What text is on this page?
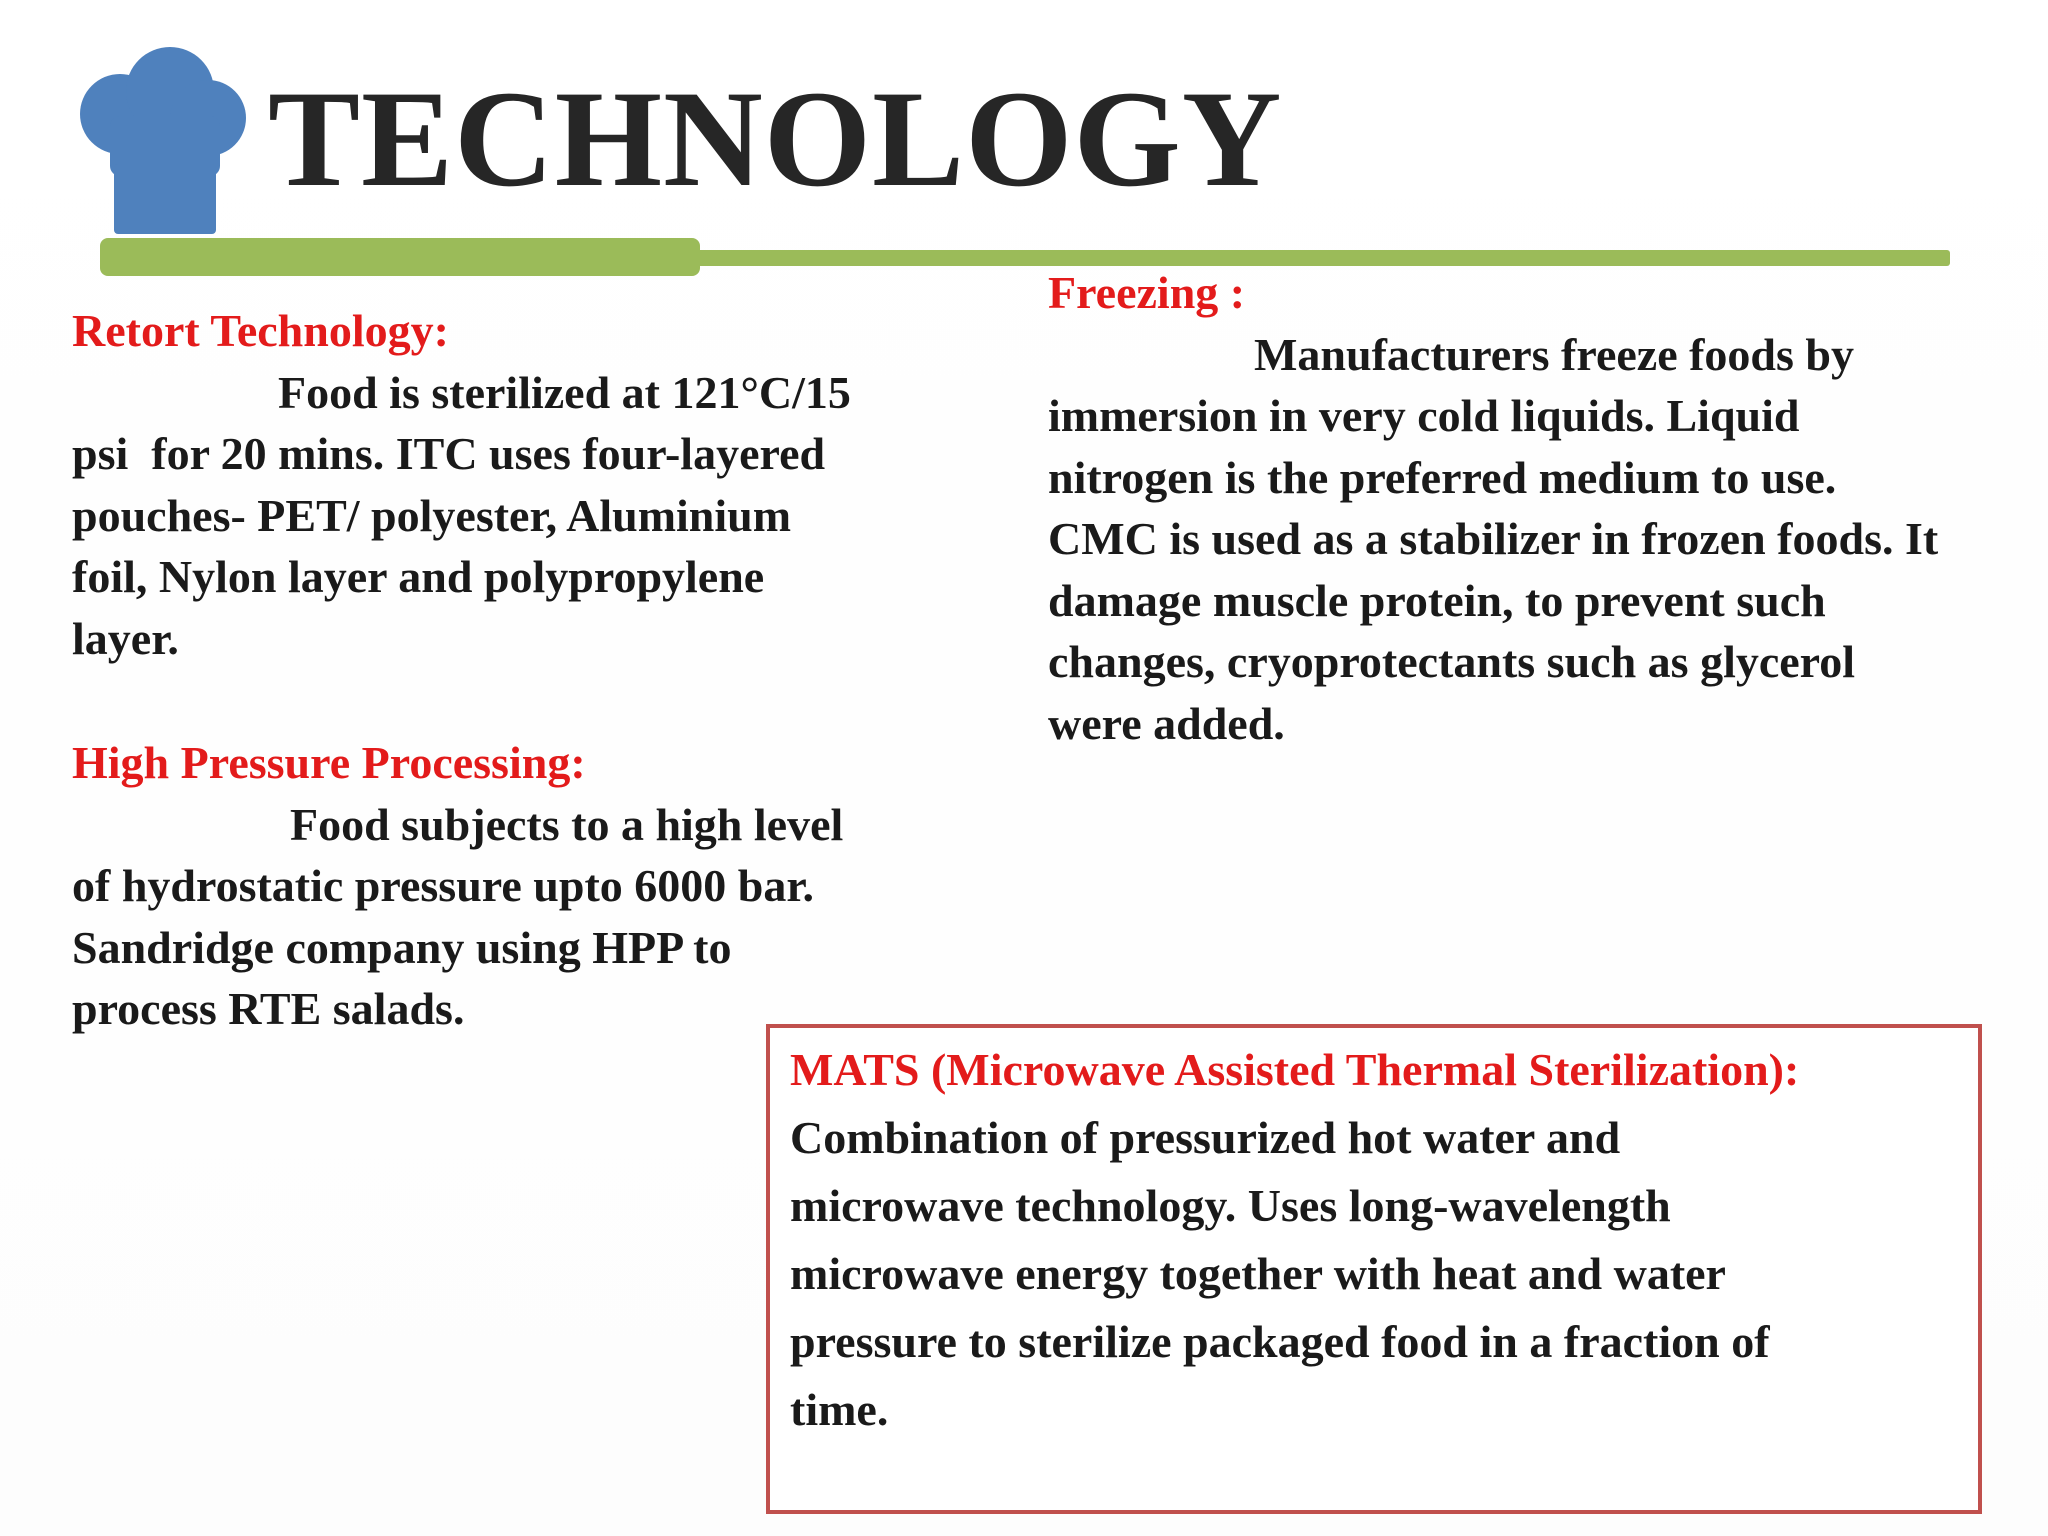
TECHNOLOGY
Retort Technology:
Food is sterilized at 121°C/15
psi  for 20 mins. ITC uses four-layered
pouches- PET/ polyester, Aluminium
foil, Nylon layer and polypropylene
layer.
High Pressure Processing:
Food subjects to a high level
of hydrostatic pressure upto 6000 bar.
Sandridge company using HPP to
process RTE salads.
Freezing :
Manufacturers freeze foods by
immersion in very cold liquids. Liquid
nitrogen is the preferred medium to use.
CMC is used as a stabilizer in frozen foods. It
damage muscle protein, to prevent such
changes, cryoprotectants such as glycerol
were added.
MATS (Microwave Assisted Thermal Sterilization):
Combination of pressurized hot water and
microwave technology. Uses long-wavelength
microwave energy together with heat and water
pressure to sterilize packaged food in a fraction of
time.
